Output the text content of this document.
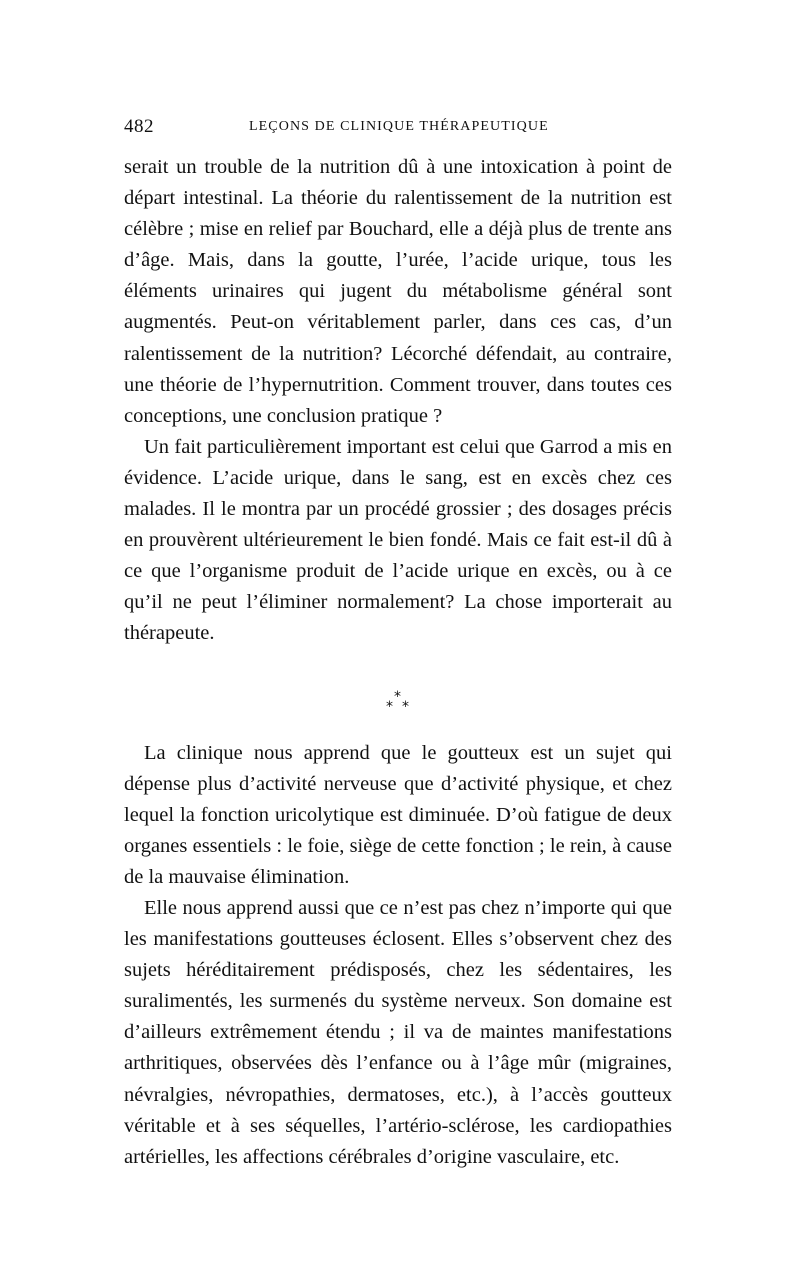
482	LEÇONS DE CLINIQUE THÉRAPEUTIQUE

serait un trouble de la nutrition dû à une intoxication à point de départ intestinal. La théorie du ralentissement de la nutrition est célèbre ; mise en relief par Bouchard, elle a déjà plus de trente ans d’âge. Mais, dans la goutte, l’urée, l’acide urique, tous les éléments urinaires qui jugent du métabolisme général sont augmentés. Peut-on véritablement parler, dans ces cas, d’un ralentissement de la nutrition? Lécorché défendait, au contraire, une théorie de l’hypernutrition. Comment trouver, dans toutes ces conceptions, une conclusion pratique ?

Un fait particulièrement important est celui que Garrod a mis en évidence. L’acide urique, dans le sang, est en excès chez ces malades. Il le montra par un procédé grossier ; des dosages précis en prouvèrent ultérieurement le bien fondé. Mais ce fait est-il dû à ce que l’organisme produit de l’acide urique en excès, ou à ce qu’il ne peut l’éliminer normalement? La chose importerait au thérapeute.

*
* *

La clinique nous apprend que le goutteux est un sujet qui dépense plus d’activité nerveuse que d’activité physique, et chez lequel la fonction uricolytique est diminuée. D’où fatigue de deux organes essentiels : le foie, siège de cette fonction ; le rein, à cause de la mauvaise élimination.

Elle nous apprend aussi que ce n’est pas chez n’importe qui que les manifestations goutteuses éclosent. Elles s’observent chez des sujets héréditairement prédisposés, chez les sédentaires, les suralimentés, les surmenés du système nerveux. Son domaine est d’ailleurs extrêmement étendu ; il va de maintes manifestations arthritiques, observées dès l’enfance ou à l’âge mûr (migraines, névralgies, névropathies, dermatoses, etc.), à l’accès goutteux véritable et à ses séquelles, l’artério-sclérose, les cardiopathies artérielles, les affections cérébrales d’origine vasculaire, etc.
